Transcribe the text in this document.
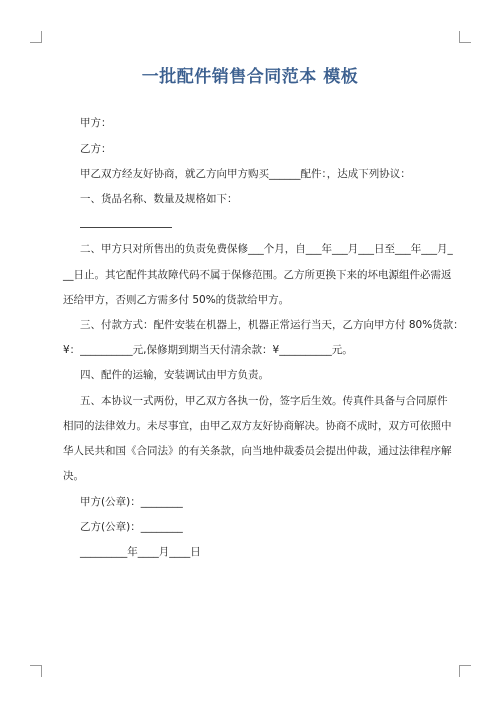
一批配件销售合同范本 模板
甲方：
乙方：
甲乙双方经友好协商，就乙方向甲方购买______配件：，达成下列协议：
一、货品名称、数量及规格如下：
二、甲方只对所售出的负责免费保修___个月，自___年___月___日至___年___月_
__日止。其它配件其故障代码不属于保修范围。乙方所更换下来的坏电源组件必需返
还给甲方，否则乙方需多付 50%的货款给甲方。
三、付款方式：配件安装在机器上，机器正常运行当天，乙方向甲方付 80%货款：
¥：__________元,保修期到期当天付清余款：¥__________元。
四、配件的运输，安装调试由甲方负责。
五、本协议一式两份，甲乙双方各执一份，签字后生效。传真件具备与合同原件
相同的法律效力。未尽事宜，由甲乙双方友好协商解决。协商不成时，双方可依照中
华人民共和国《合同法》的有关条款，向当地仲裁委员会提出仲裁，通过法律程序解
决。
甲方(公章)：________
乙方(公章)：________
_________年____月____日
